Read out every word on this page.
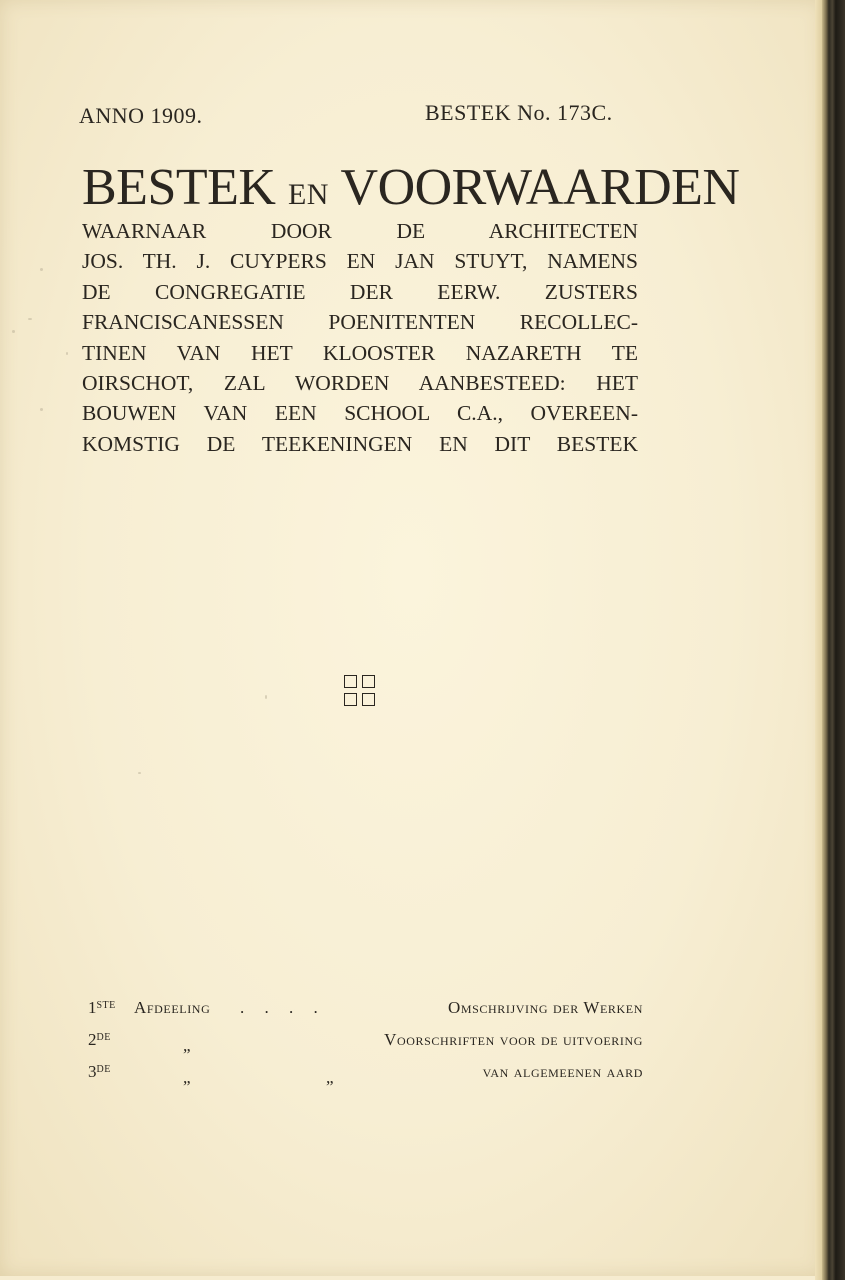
ANNO 1909.	BESTEK No. 173C.
BESTEK EN VOORWAARDEN
WAARNAAR DOOR DE ARCHITECTEN
JOS. TH. J. CUYPERS EN JAN STUYT, NAMENS
DE CONGREGATIE DER EERW. ZUSTERS
FRANCISCANESSEN POENITENTEN RECOLLEC-
TINEN VAN HET KLOOSTER NAZARETH TE
OIRSCHOT, ZAL WORDEN AANBESTEED: HET
BOUWEN VAN EEN SCHOOL C.A., OVEREEN-
KOMSTIG DE TEEKENINGEN EN DIT BESTEK
1STE Afdeeling . . . .	Omschrijving der Werken
2DE	„	Voorschriften voor de uitvoering
3DE	„	„	van algemeenen aard
